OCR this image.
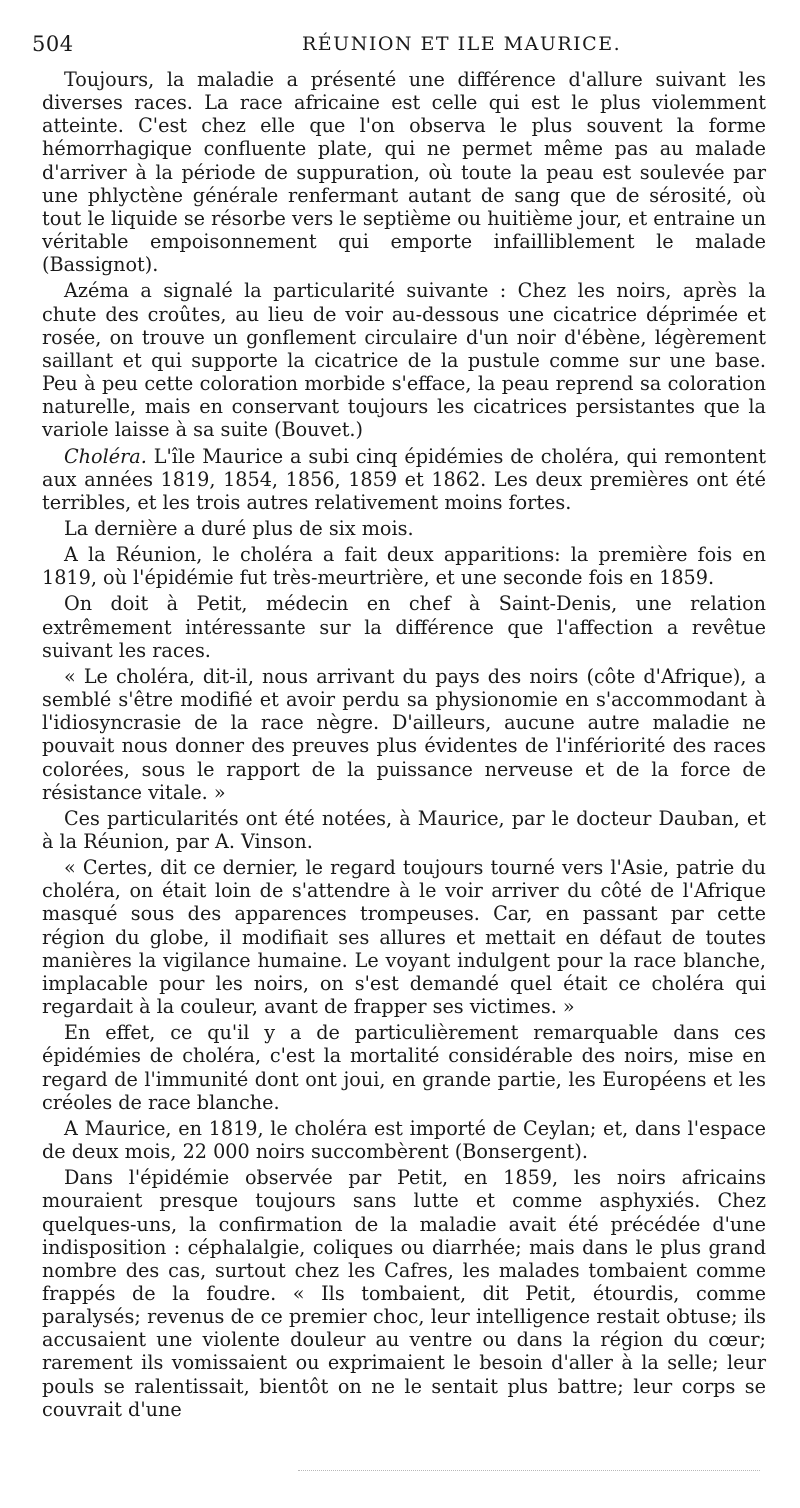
504	RÉUNION ET ILE MAURICE.

Toujours, la maladie a présenté une différence d'allure suivant les diverses races. La race africaine est celle qui est le plus violemment atteinte. C'est chez elle que l'on observa le plus souvent la forme hémorrhagique confluente plate, qui ne permet même pas au malade d'arriver à la période de suppuration, où toute la peau est soulevée par une phlyctène générale renfermant autant de sang que de sérosité, où tout le liquide se résorbe vers le septième ou huitième jour, et entraine un véritable empoisonnement qui emporte infailliblement le malade (Bassignot).

Azéma a signalé la particularité suivante : Chez les noirs, après la chute des croûtes, au lieu de voir au-dessous une cicatrice déprimée et rosée, on trouve un gonflement circulaire d'un noir d'ébène, légèrement saillant et qui supporte la cicatrice de la pustule comme sur une base. Peu à peu cette coloration morbide s'efface, la peau reprend sa coloration naturelle, mais en conservant toujours les cicatrices persistantes que la variole laisse à sa suite (Bouvet.)

Choléra. L'île Maurice a subi cinq épidémies de choléra, qui remontent aux années 1819, 1854, 1856, 1859 et 1862. Les deux premières ont été terribles, et les trois autres relativement moins fortes.

La dernière a duré plus de six mois.

A la Réunion, le choléra a fait deux apparitions: la première fois en 1819, où l'épidémie fut très-meurtrière, et une seconde fois en 1859.

On doit à Petit, médecin en chef à Saint-Denis, une relation extrêmement intéressante sur la différence que l'affection a revêtue suivant les races.

« Le choléra, dit-il, nous arrivant du pays des noirs (côte d'Afrique), a semblé s'être modifié et avoir perdu sa physionomie en s'accommodant à l'idiosyncrasie de la race nègre. D'ailleurs, aucune autre maladie ne pouvait nous donner des preuves plus évidentes de l'infériorité des races colorées, sous le rapport de la puissance nerveuse et de la force de résistance vitale. »

Ces particularités ont été notées, à Maurice, par le docteur Dauban, et à la Réunion, par A. Vinson.

« Certes, dit ce dernier, le regard toujours tourné vers l'Asie, patrie du choléra, on était loin de s'attendre à le voir arriver du côté de l'Afrique masqué sous des apparences trompeuses. Car, en passant par cette région du globe, il modifiait ses allures et mettait en défaut de toutes manières la vigilance humaine. Le voyant indulgent pour la race blanche, implacable pour les noirs, on s'est demandé quel était ce choléra qui regardait à la couleur, avant de frapper ses victimes. »

En effet, ce qu'il y a de particulièrement remarquable dans ces épidémies de choléra, c'est la mortalité considérable des noirs, mise en regard de l'immunité dont ont joui, en grande partie, les Européens et les créoles de race blanche.

A Maurice, en 1819, le choléra est importé de Ceylan; et, dans l'espace de deux mois, 22 000 noirs succombèrent (Bonsergent).

Dans l'épidémie observée par Petit, en 1859, les noirs africains mouraient presque toujours sans lutte et comme asphyxiés. Chez quelques-uns, la confirmation de la maladie avait été précédée d'une indisposition : céphalalgie, coliques ou diarrhée; mais dans le plus grand nombre des cas, surtout chez les Cafres, les malades tombaient comme frappés de la foudre. « Ils tombaient, dit Petit, étourdis, comme paralysés; revenus de ce premier choc, leur intelligence restait obtuse; ils accusaient une violente douleur au ventre ou dans la région du cœur; rarement ils vomissaient ou exprimaient le besoin d'aller à la selle; leur pouls se ralentissait, bientôt on ne le sentait plus battre; leur corps se couvrait d'une
